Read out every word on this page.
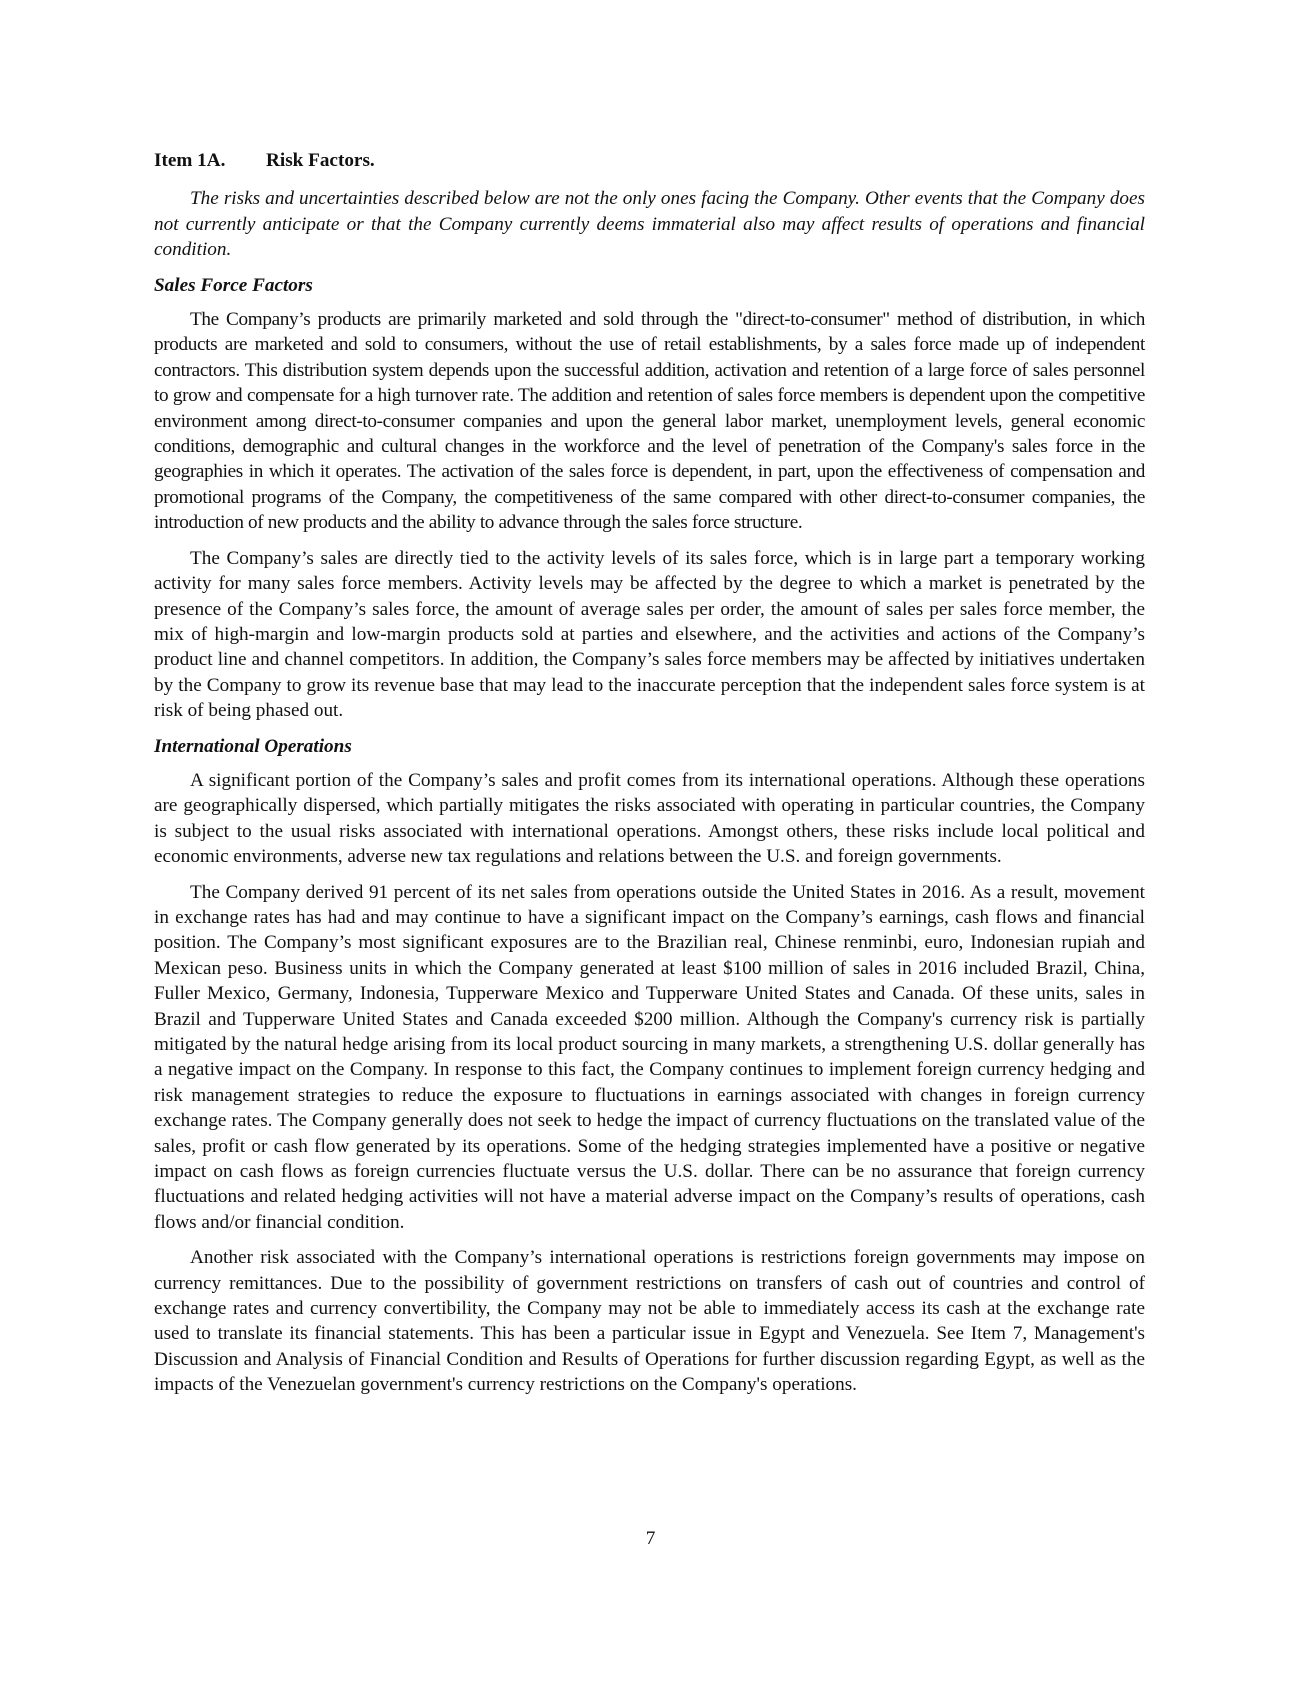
Item 1A. Risk Factors.

The risks and uncertainties described below are not the only ones facing the Company. Other events that the Company does not currently anticipate or that the Company currently deems immaterial also may affect results of operations and financial condition.

Sales Force Factors

The Company’s products are primarily marketed and sold through the "direct-to-consumer" method of distribution, in which products are marketed and sold to consumers, without the use of retail establishments, by a sales force made up of independent contractors. This distribution system depends upon the successful addition, activation and retention of a large force of sales personnel to grow and compensate for a high turnover rate. The addition and retention of sales force members is dependent upon the competitive environment among direct-to-consumer companies and upon the general labor market, unemployment levels, general economic conditions, demographic and cultural changes in the workforce and the level of penetration of the Company's sales force in the geographies in which it operates. The activation of the sales force is dependent, in part, upon the effectiveness of compensation and promotional programs of the Company, the competitiveness of the same compared with other direct-to-consumer companies, the introduction of new products and the ability to advance through the sales force structure.

The Company’s sales are directly tied to the activity levels of its sales force, which is in large part a temporary working activity for many sales force members. Activity levels may be affected by the degree to which a market is penetrated by the presence of the Company’s sales force, the amount of average sales per order, the amount of sales per sales force member, the mix of high-margin and low-margin products sold at parties and elsewhere, and the activities and actions of the Company’s product line and channel competitors. In addition, the Company’s sales force members may be affected by initiatives undertaken by the Company to grow its revenue base that may lead to the inaccurate perception that the independent sales force system is at risk of being phased out.

International Operations

A significant portion of the Company’s sales and profit comes from its international operations. Although these operations are geographically dispersed, which partially mitigates the risks associated with operating in particular countries, the Company is subject to the usual risks associated with international operations. Amongst others, these risks include local political and economic environments, adverse new tax regulations and relations between the U.S. and foreign governments.

The Company derived 91 percent of its net sales from operations outside the United States in 2016. As a result, movement in exchange rates has had and may continue to have a significant impact on the Company’s earnings, cash flows and financial position. The Company’s most significant exposures are to the Brazilian real, Chinese renminbi, euro, Indonesian rupiah and Mexican peso. Business units in which the Company generated at least $100 million of sales in 2016 included Brazil, China, Fuller Mexico, Germany, Indonesia, Tupperware Mexico and Tupperware United States and Canada. Of these units, sales in Brazil and Tupperware United States and Canada exceeded $200 million. Although the Company's currency risk is partially mitigated by the natural hedge arising from its local product sourcing in many markets, a strengthening U.S. dollar generally has a negative impact on the Company. In response to this fact, the Company continues to implement foreign currency hedging and risk management strategies to reduce the exposure to fluctuations in earnings associated with changes in foreign currency exchange rates. The Company generally does not seek to hedge the impact of currency fluctuations on the translated value of the sales, profit or cash flow generated by its operations. Some of the hedging strategies implemented have a positive or negative impact on cash flows as foreign currencies fluctuate versus the U.S. dollar. There can be no assurance that foreign currency fluctuations and related hedging activities will not have a material adverse impact on the Company’s results of operations, cash flows and/or financial condition.

Another risk associated with the Company’s international operations is restrictions foreign governments may impose on currency remittances. Due to the possibility of government restrictions on transfers of cash out of countries and control of exchange rates and currency convertibility, the Company may not be able to immediately access its cash at the exchange rate used to translate its financial statements. This has been a particular issue in Egypt and Venezuela. See Item 7, Management's Discussion and Analysis of Financial Condition and Results of Operations for further discussion regarding Egypt, as well as the impacts of the Venezuelan government's currency restrictions on the Company's operations.

7
